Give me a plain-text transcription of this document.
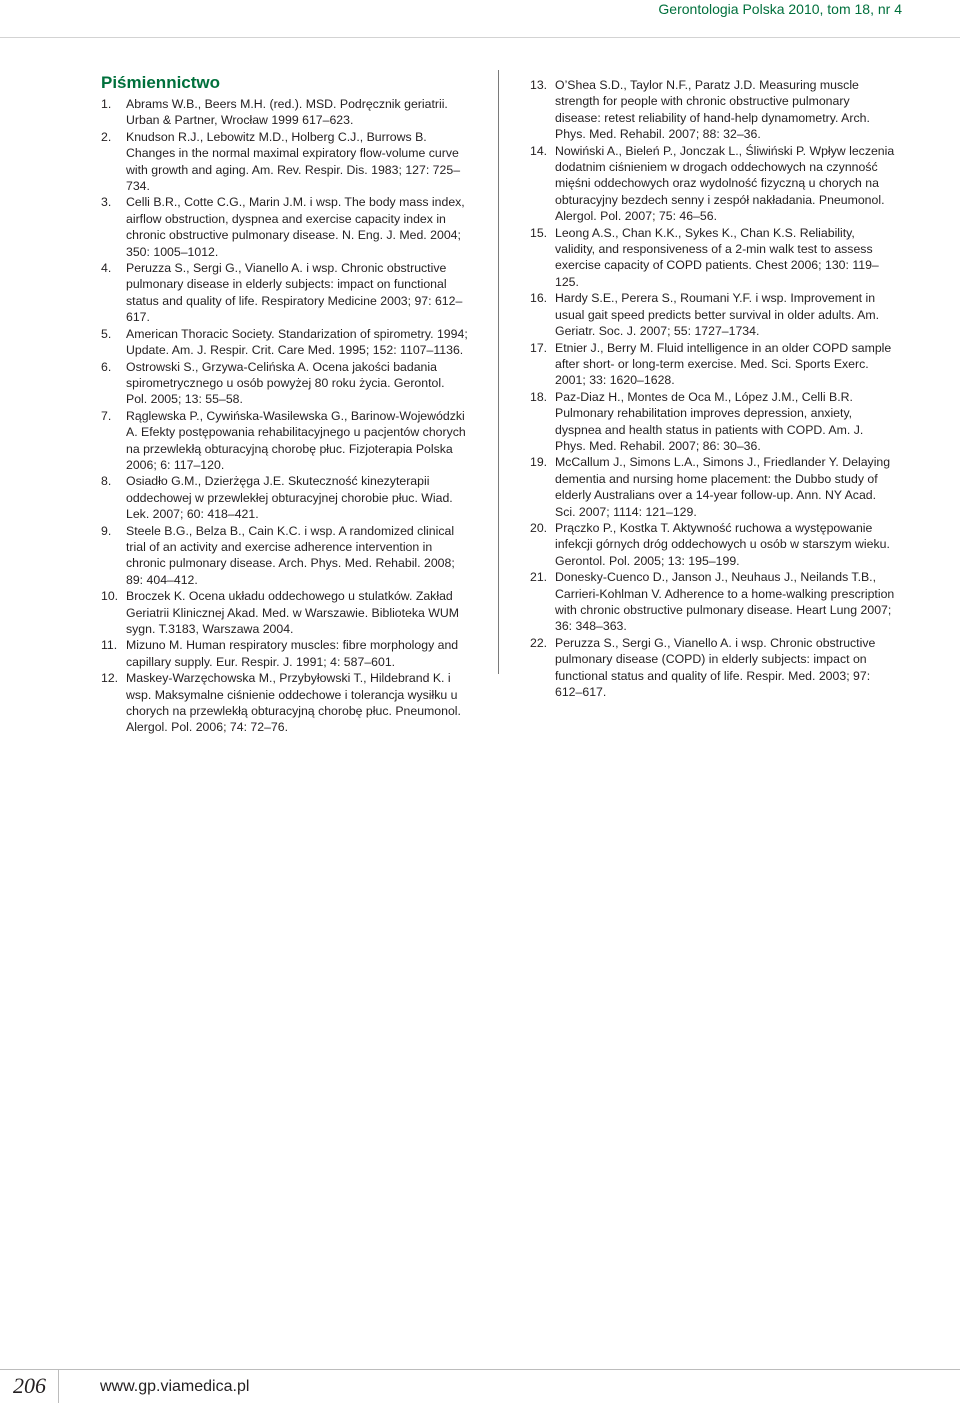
Gerontologia Polska 2010, tom 18, nr 4
Piśmiennictwo
1. Abrams W.B., Beers M.H. (red.). MSD. Podręcznik geriatrii. Urban & Partner, Wrocław 1999 617–623.
2. Knudson R.J., Lebowitz M.D., Holberg C.J., Burrows B. Changes in the normal maximal expiratory flow-volume curve with growth and aging. Am. Rev. Respir. Dis. 1983; 127: 725–734.
3. Celli B.R., Cotte C.G., Marin J.M. i wsp. The body mass index, airflow obstruction, dyspnea and exercise capacity index in chronic obstructive pulmonary disease. N. Eng. J. Med. 2004; 350: 1005–1012.
4. Peruzza S., Sergi G., Vianello A. i wsp. Chronic obstructive pulmonary disease in elderly subjects: impact on functional status and quality of life. Respiratory Medicine 2003; 97: 612–617.
5. American Thoracic Society. Standarization of spirometry. 1994; Update. Am. J. Respir. Crit. Care Med. 1995; 152: 1107–1136.
6. Ostrowski S., Grzywa-Celińska A. Ocena jakości badania spirometrycznego u osób powyżej 80 roku życia. Gerontol. Pol. 2005; 13: 55–58.
7. Rąglewska P., Cywińska-Wasilewska G., Barinow-Wojewódzki A. Efekty postępowania rehabilitacyjnego u pacjentów chorych na przewlekłą obturacyjną chorobę płuc. Fizjoterapia Polska 2006; 6: 117–120.
8. Osiadło G.M., Dzierżęga J.E. Skuteczność kinezyterapii oddechowej w przewlekłej obturacyjnej chorobie płuc. Wiad. Lek. 2007; 60: 418–421.
9. Steele B.G., Belza B., Cain K.C. i wsp. A randomized clinical trial of an activity and exercise adherence intervention in chronic pulmonary disease. Arch. Phys. Med. Rehabil. 2008; 89: 404–412.
10. Broczek K. Ocena układu oddechowego u stulatków. Zakład Geriatrii Klinicznej Akad. Med. w Warszawie. Biblioteka WUM sygn. T.3183, Warszawa 2004.
11. Mizuno M. Human respiratory muscles: fibre morphology and capillary supply. Eur. Respir. J. 1991; 4: 587–601.
12. Maskey-Warzęchowska M., Przybyłowski T., Hildebrand K. i wsp. Maksymalne ciśnienie oddechowe i tolerancja wysiłku u chorych na przewlekłą obturacyjną chorobę płuc. Pneumonol. Alergol. Pol. 2006; 74: 72–76.
13. O’Shea S.D., Taylor N.F., Paratz J.D. Measuring muscle strength for people with chronic obstructive pulmonary disease: retest reliability of hand-help dynamometry. Arch. Phys. Med. Rehabil. 2007; 88: 32–36.
14. Nowiński A., Bieleń P., Jonczak L., Śliwiński P. Wpływ leczenia dodatnim ciśnieniem w drogach oddechowych na czynność mięśni oddechowych oraz wydolność fizyczną u chorych na obturacyjny bezdech senny i zespół nakładania. Pneumonol. Alergol. Pol. 2007; 75: 46–56.
15. Leong A.S., Chan K.K., Sykes K., Chan K.S. Reliability, validity, and responsiveness of a 2-min walk test to assess exercise capacity of COPD patients. Chest 2006; 130: 119–125.
16. Hardy S.E., Perera S., Roumani Y.F. i wsp. Improvement in usual gait speed predicts better survival in older adults. Am. Geriatr. Soc. J. 2007; 55: 1727–1734.
17. Etnier J., Berry M. Fluid intelligence in an older COPD sample after short- or long-term exercise. Med. Sci. Sports Exerc. 2001; 33: 1620–1628.
18. Paz-Diaz H., Montes de Oca M., López J.M., Celli B.R. Pulmonary rehabilitation improves depression, anxiety, dyspnea and health status in patients with COPD. Am. J. Phys. Med. Rehabil. 2007; 86: 30–36.
19. McCallum J., Simons L.A., Simons J., Friedlander Y. Delaying dementia and nursing home placement: the Dubbo study of elderly Australians over a 14-year follow-up. Ann. NY Acad. Sci. 2007; 1114: 121–129.
20. Prączko P., Kostka T. Aktywność ruchowa a występowanie infekcji górnych dróg oddechowych u osób w starszym wieku. Gerontol. Pol. 2005; 13: 195–199.
21. Donesky-Cuenco D., Janson J., Neuhaus J., Neilands T.B., Carrieri-Kohlman V. Adherence to a home-walking prescription with chronic obstructive pulmonary disease. Heart Lung 2007; 36: 348–363.
22. Peruzza S., Sergi G., Vianello A. i wsp. Chronic obstructive pulmonary disease (COPD) in elderly subjects: impact on functional status and quality of life. Respir. Med. 2003; 97: 612–617.
206	www.gp.viamedica.pl
